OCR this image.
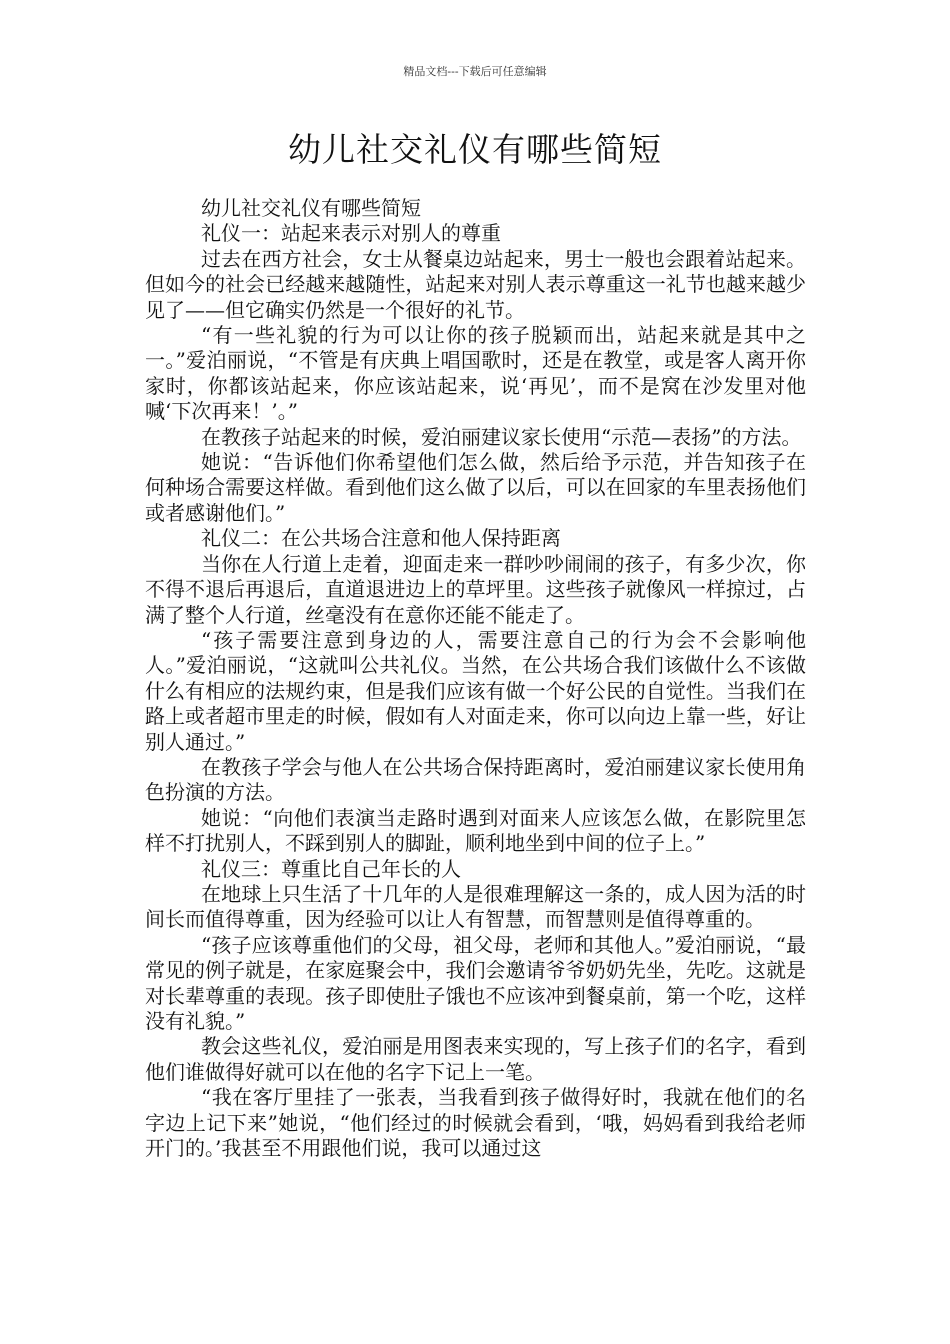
精品文档---下载后可任意编辑
幼儿社交礼仪有哪些简短

幼儿社交礼仪有哪些简短

礼仪一：站起来表示对别人的尊重

过去在西方社会，女士从餐桌边站起来，男士一般也会跟着站起来。但如今的社会已经越来越随性，站起来对别人表示尊重这一礼节也越来越少见了——但它确实仍然是一个很好的礼节。

“有一些礼貌的行为可以让你的孩子脱颖而出，站起来就是其中之一。”爱泊丽说，“不管是有庆典上唱国歌时，还是在教堂，或是客人离开你家时，你都该站起来，你应该站起来，说‘再见’，而不是窝在沙发里对他喊‘下次再来！’。”

在教孩子站起来的时候，爱泊丽建议家长使用“示范—表扬”的方法。

她说：“告诉他们你希望他们怎么做，然后给予示范，并告知孩子在何种场合需要这样做。看到他们这么做了以后，可以在回家的车里表扬他们或者感谢他们。”

礼仪二：在公共场合注意和他人保持距离

当你在人行道上走着，迎面走来一群吵吵闹闹的孩子，有多少次，你不得不退后再退后，直道退进边上的草坪里。这些孩子就像风一样掠过，占满了整个人行道，丝毫没有在意你还能不能走了。

“孩子需要注意到身边的人，需要注意自己的行为会不会影响他人。”爱泊丽说，“这就叫公共礼仪。当然，在公共场合我们该做什么不该做什么有相应的法规约束，但是我们应该有做一个好公民的自觉性。当我们在路上或者超市里走的时候，假如有人对面走来，你可以向边上靠一些，好让别人通过。”

在教孩子学会与他人在公共场合保持距离时，爱泊丽建议家长使用角色扮演的方法。

她说：“向他们表演当走路时遇到对面来人应该怎么做，在影院里怎样不打扰别人，不踩到别人的脚趾，顺利地坐到中间的位子上。”

礼仪三：尊重比自己年长的人

在地球上只生活了十几年的人是很难理解这一条的，成人因为活的时间长而值得尊重，因为经验可以让人有智慧，而智慧则是值得尊重的。

“孩子应该尊重他们的父母，祖父母，老师和其他人。”爱泊丽说，“最常见的例子就是，在家庭聚会中，我们会邀请爷爷奶奶先坐，先吃。这就是对长辈尊重的表现。孩子即使肚子饿也不应该冲到餐桌前，第一个吃，这样没有礼貌。”

教会这些礼仪，爱泊丽是用图表来实现的，写上孩子们的名字，看到他们谁做得好就可以在他的名字下记上一笔。

“我在客厅里挂了一张表，当我看到孩子做得好时，我就在他们的名字边上记下来”她说，“他们经过的时候就会看到，‘哦，妈妈看到我给老师开门的。’我甚至不用跟他们说，我可以通过这
